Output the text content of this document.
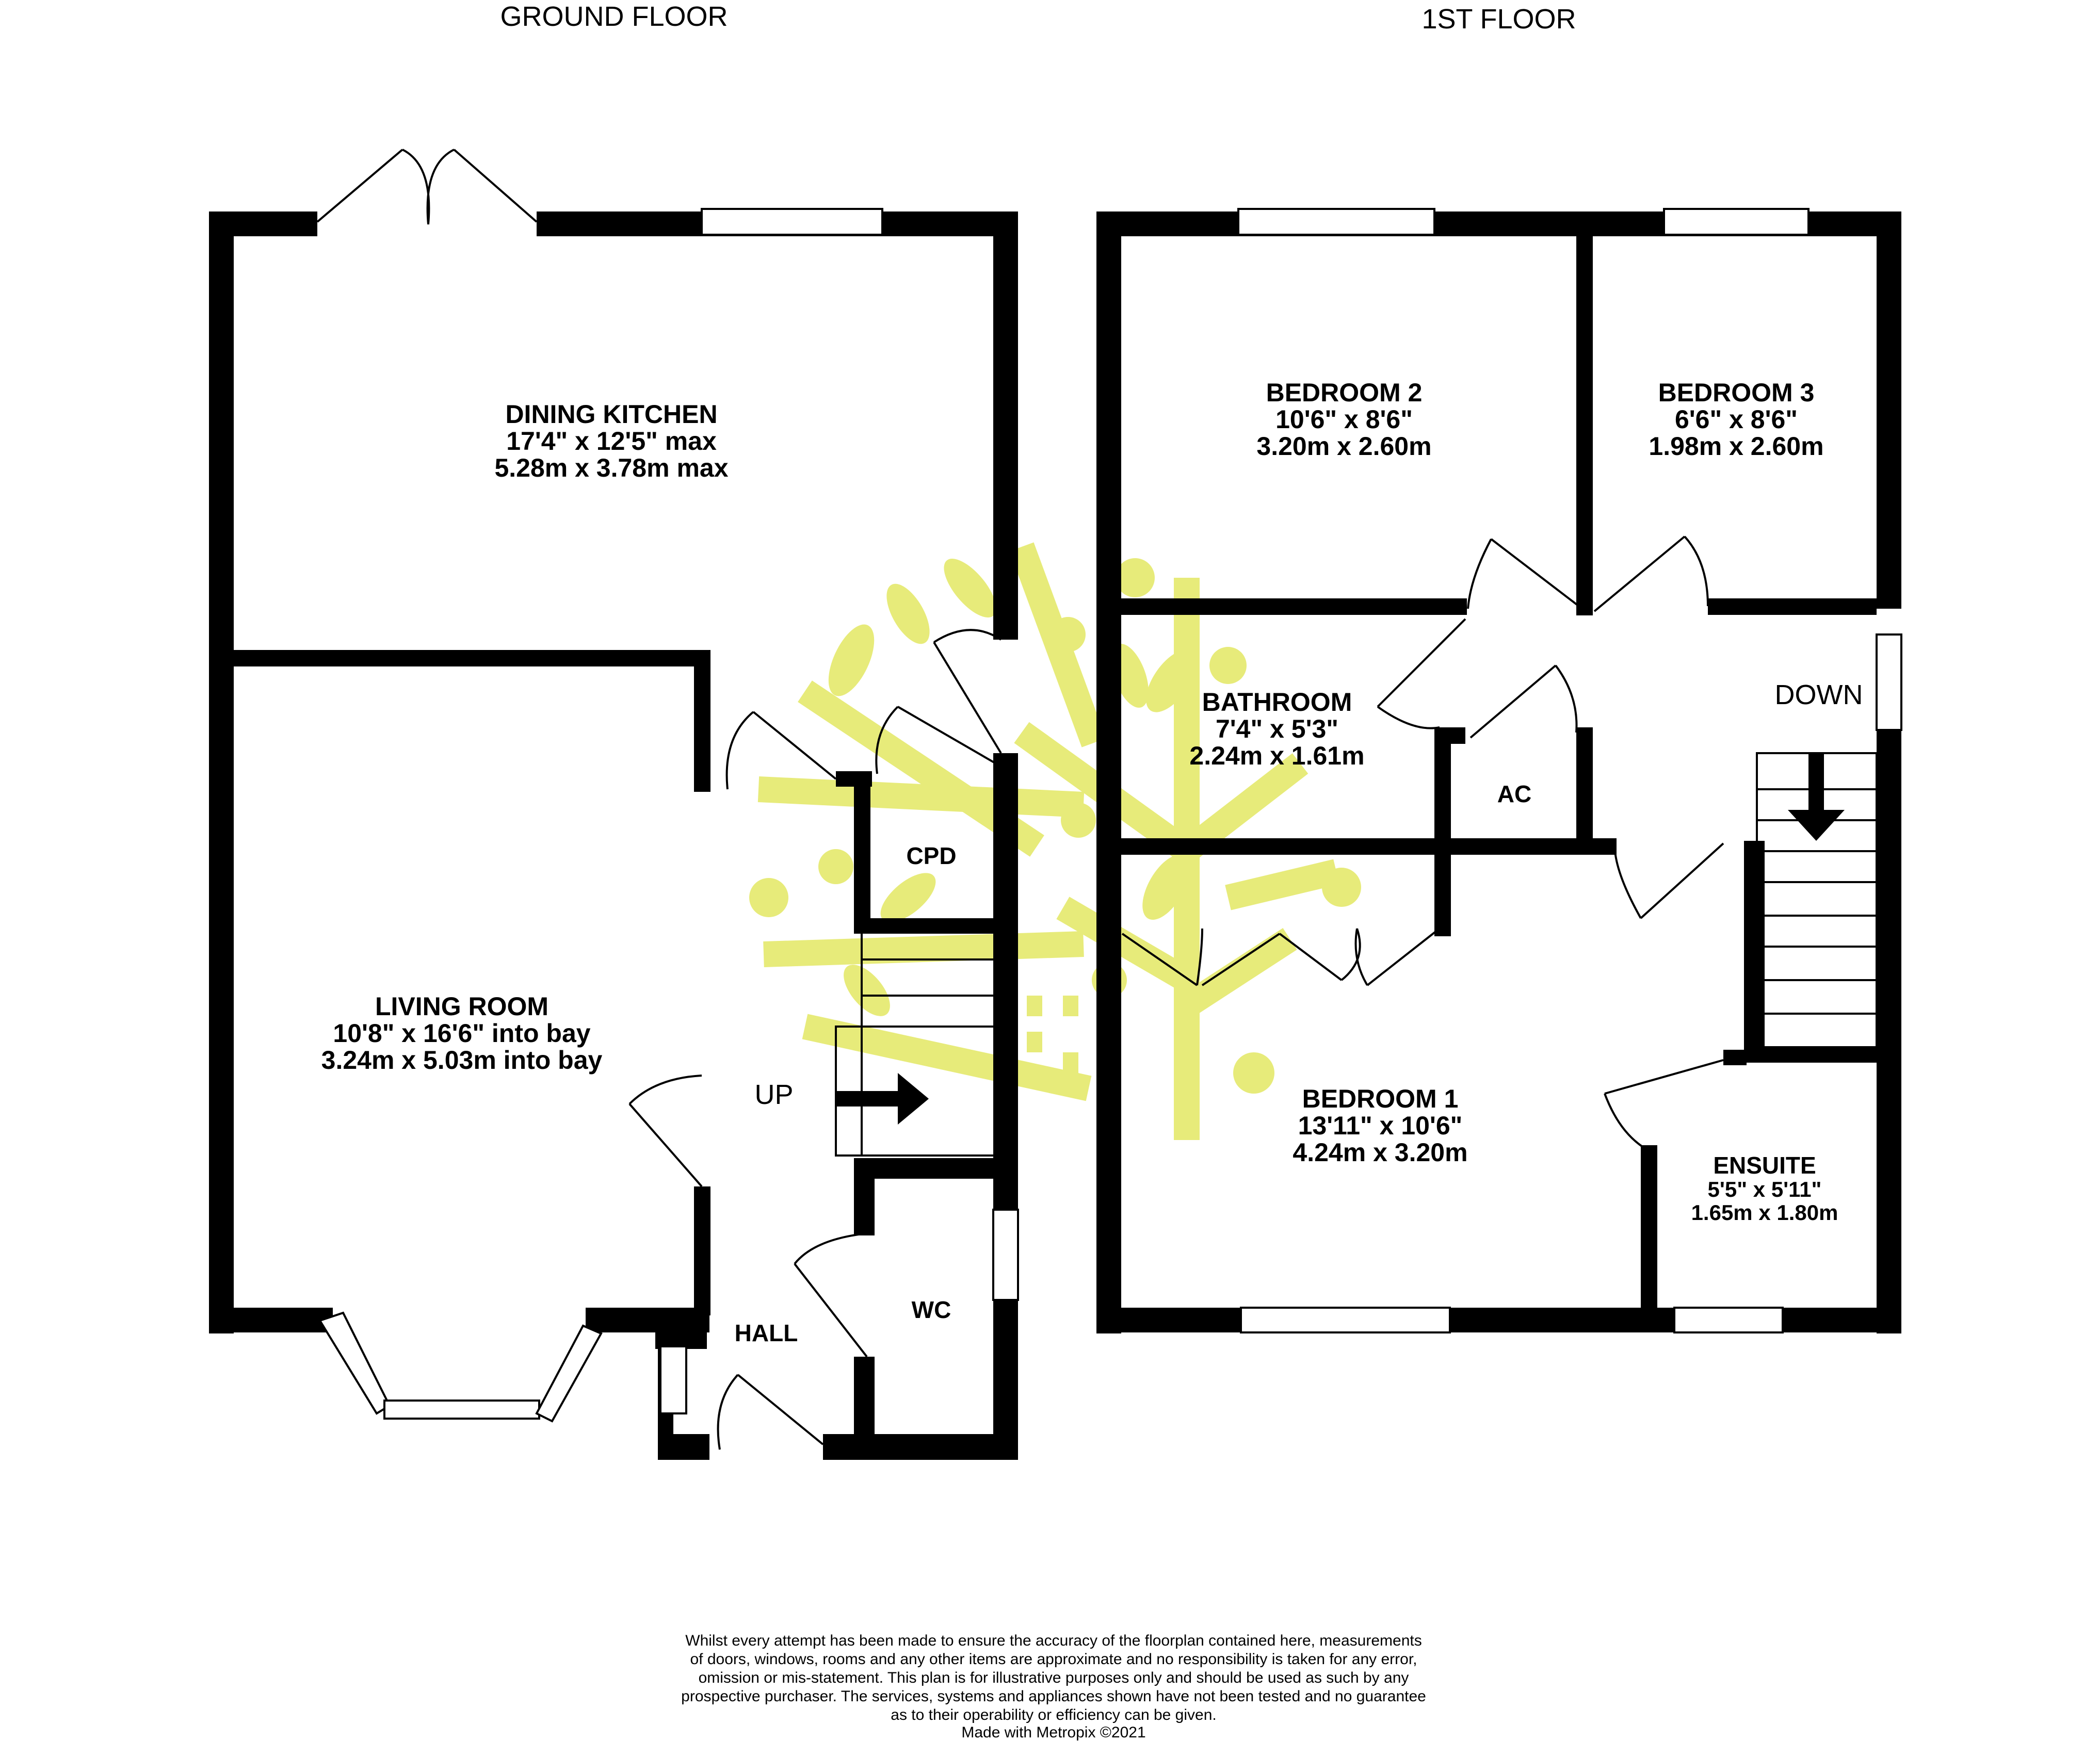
GROUND FLOOR	1ST FLOOR
DINING KITCHEN
17'4" x 12'5" max
5.28m x 3.78m max
LIVING ROOM
10'8" x 16'6" into bay
3.24m x 5.03m into bay
CPD
UP
HALL
WC
BEDROOM 2
10'6" x 8'6"
3.20m x 2.60m
BEDROOM 3
6'6" x 8'6"
1.98m x 2.60m
BATHROOM
7'4" x 5'3"
2.24m x 1.61m
AC
DOWN
BEDROOM 1
13'11" x 10'6"
4.24m x 3.20m	ENSUITE
5'5" x 5'11"
1.65m x 1.80m
Whilst every attempt has been made to ensure the accuracy of the floorplan contained here, measurements
of doors, windows, rooms and any other items are approximate and no responsibility is taken for any error,
omission or mis-statement. This plan is for illustrative purposes only and should be used as such by any
prospective purchaser. The services, systems and appliances shown have not been tested and no guarantee
as to their operability or efficiency can be given.
Made with Metropix ©2021
